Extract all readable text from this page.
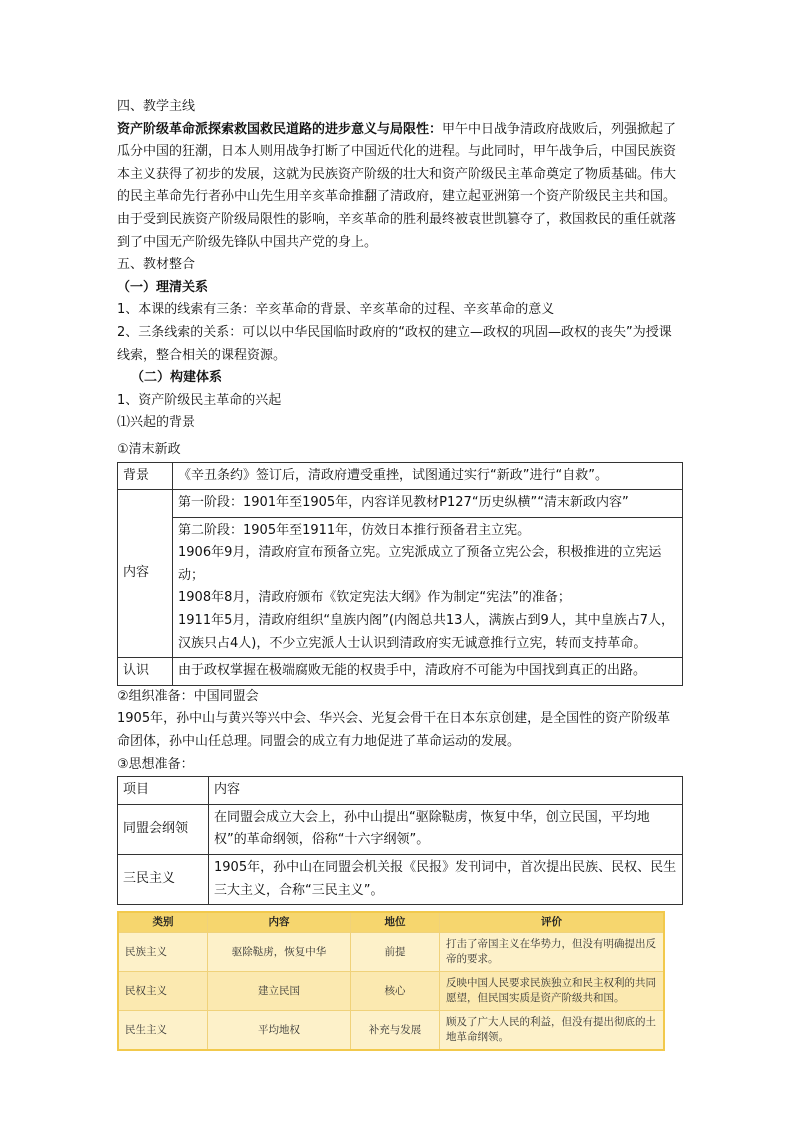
四、教学主线

资产阶级革命派探索救国救民道路的进步意义与局限性：甲午中日战争清政府战败后，列强掀起了瓜分中国的狂潮，日本人则用战争打断了中国近代化的进程。与此同时，甲午战争后，中国民族资本主义获得了初步的发展，这就为民族资产阶级的壮大和资产阶级民主革命奠定了物质基础。伟大的民主革命先行者孙中山先生用辛亥革命推翻了清政府，建立起亚洲第一个资产阶级民主共和国。由于受到民族资产阶级局限性的影响，辛亥革命的胜利最终被袁世凯篡夺了，救国救民的重任就落到了中国无产阶级先锋队中国共产党的身上。

五、教材整合

（一）理清关系

1、本课的线索有三条：辛亥革命的背景、辛亥革命的过程、辛亥革命的意义

2、三条线索的关系：可以以中华民国临时政府的“政权的建立—政权的巩固—政权的丧失”为授课线索，整合相关的课程资源。

（二）构建体系

1、资产阶级民主革命的兴起

⑴兴起的背景

①清末新政

背景	《辛丑条约》签订后，清政府遭受重挫，试图通过实行“新政”进行“自救”。
内容	第一阶段：1901年至1905年，内容详见教材P127“历史纵横”“清末新政内容”

	第二阶段：1905年至1911年，仿效日本推行预备君主立宪。
1906年9月，清政府宣布预备立宪。立宪派成立了预备立宪公会，积极推进的立宪运动；
1908年8月，清政府颁布《钦定宪法大纲》作为制定“宪法”的准备；
1911年5月，清政府组织“皇族内阁”(内阁总共13人，满族占到9人，其中皇族占7人，汉族只占4人)，不少立宪派人士认识到清政府实无诚意推行立宪，转而支持革命。

认识	由于政权掌握在极端腐败无能的权贵手中，清政府不可能为中国找到真正的出路。

②组织准备：中国同盟会

1905年，孙中山与黄兴等兴中会、华兴会、光复会骨干在日本东京创建，是全国性的资产阶级革命团体，孙中山任总理。同盟会的成立有力地促进了革命运动的发展。

③思想准备：

项目	内容
同盟会纲领	在同盟会成立大会上，孙中山提出“驱除鞑虏，恢复中华，创立民国，平均地权”的革命纲领，俗称“十六字纲领”。
三民主义	1905年，孙中山在同盟会机关报《民报》发刊词中，首次提出民族、民权、民生三大主义，合称“三民主义”。
类别	内容	地位	评价
民族主义	驱除鞑虏，恢复中华	前提	打击了帝国主义在华势力，但没有明确提出反帝的要求。
民权主义	建立民国	核心	反映中国人民要求民族独立和民主权利的共同愿望，但民国实质是资产阶级共和国。
民生主义	平均地权	补充与发展	顾及了广大人民的利益，但没有提出彻底的土地革命纲领。
